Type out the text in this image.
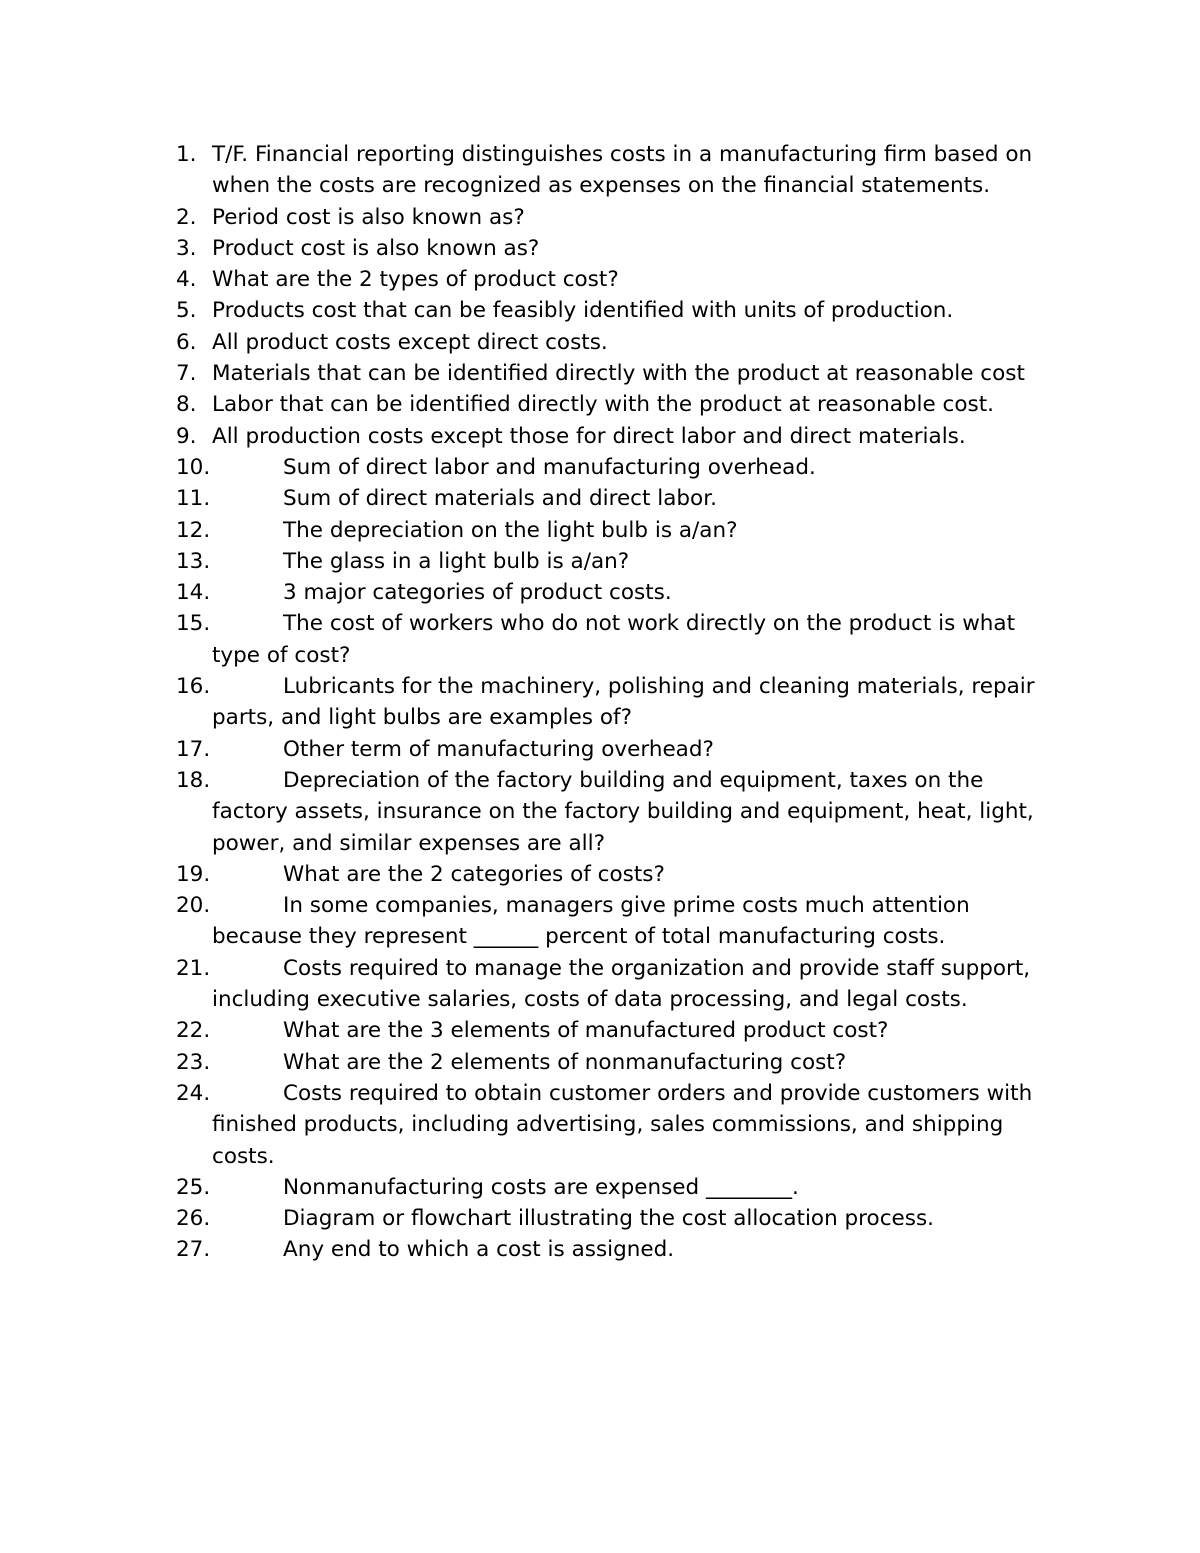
1. T/F. Financial reporting distinguishes costs in a manufacturing firm based on when the costs are recognized as expenses on the financial statements.
2. Period cost is also known as?
3. Product cost is also known as?
4. What are the 2 types of product cost?
5. Products cost that can be feasibly identified with units of production.
6. All product costs except direct costs.
7. Materials that can be identified directly with the product at reasonable cost
8. Labor that can be identified directly with the product at reasonable cost.
9. All production costs except those for direct labor and direct materials.
10.	Sum of direct labor and manufacturing overhead.
11.	Sum of direct materials and direct labor.
12.	The depreciation on the light bulb is a/an?
13.	The glass in a light bulb is a/an?
14.	3 major categories of product costs.
15.	The cost of workers who do not work directly on the product is what type of cost?
16.	Lubricants for the machinery, polishing and cleaning materials, repair parts, and light bulbs are examples of?
17.	Other term of manufacturing overhead?
18.	Depreciation of the factory building and equipment, taxes on the factory assets, insurance on the factory building and equipment, heat, light, power, and similar expenses are all?
19.	What are the 2 categories of costs?
20.	In some companies, managers give prime costs much attention because they represent ______ percent of total manufacturing costs.
21.	Costs required to manage the organization and provide staff support, including executive salaries, costs of data processing, and legal costs.
22.	What are the 3 elements of manufactured product cost?
23.	What are the 2 elements of nonmanufacturing cost?
24.	Costs required to obtain customer orders and provide customers with finished products, including advertising, sales commissions, and shipping costs.
25.	Nonmanufacturing costs are expensed ________.
26.	Diagram or flowchart illustrating the cost allocation process.
27.	Any end to which a cost is assigned.
